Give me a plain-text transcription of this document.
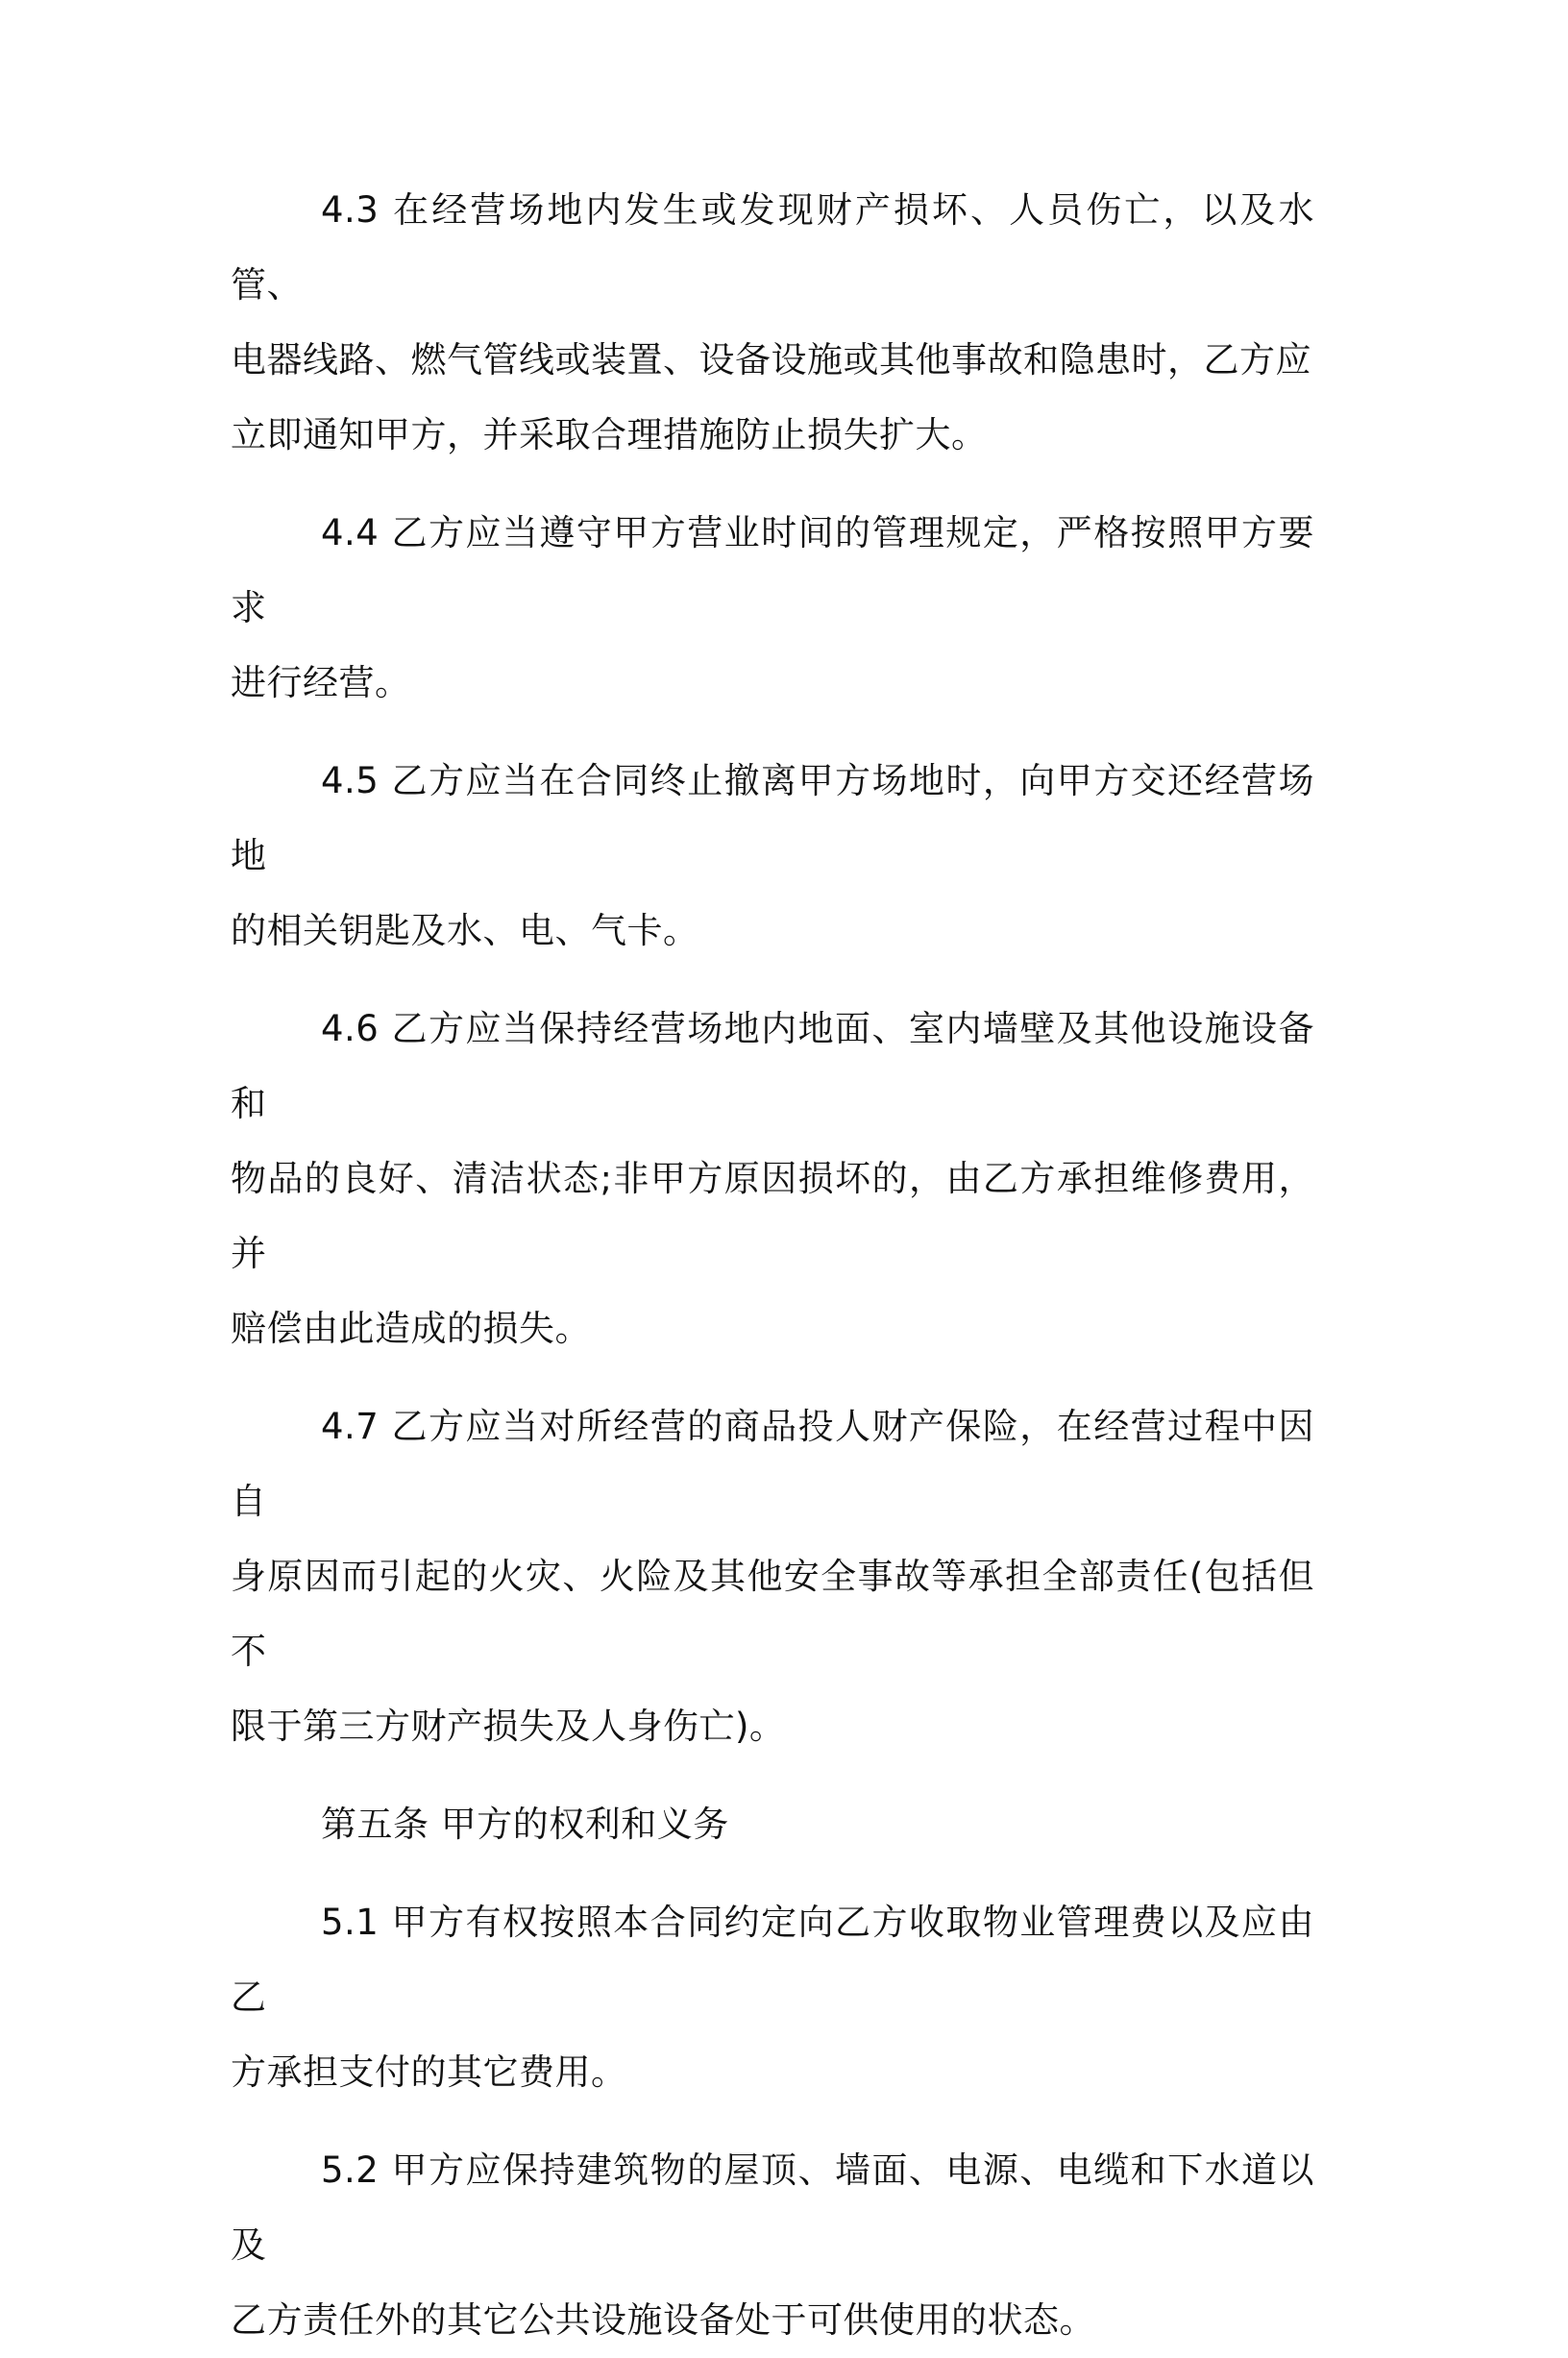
4.3 在经营场地内发生或发现财产损坏、人员伤亡，以及水管、

电器线路、燃气管线或装置、设备设施或其他事故和隐患时，乙方应

立即通知甲方，并采取合理措施防止损失扩大。

4.4 乙方应当遵守甲方营业时间的管理规定，严格按照甲方要求

进行经营。

4.5 乙方应当在合同终止撤离甲方场地时，向甲方交还经营场地

的相关钥匙及水、电、气卡。

4.6 乙方应当保持经营场地内地面、室内墙壁及其他设施设备和

物品的良好、清洁状态;非甲方原因损坏的，由乙方承担维修费用，并

赔偿由此造成的损失。

4.7 乙方应当对所经营的商品投人财产保险，在经营过程中因自

身原因而引起的火灾、火险及其他安全事故等承担全部责任(包括但不

限于第三方财产损失及人身伤亡)。

第五条 甲方的权利和义务

5.1 甲方有权按照本合同约定向乙方收取物业管理费以及应由乙

方承担支付的其它费用。

5.2 甲方应保持建筑物的屋顶、墙面、电源、电缆和下水道以及

乙方责任外的其它公共设施设备处于可供使用的状态。
